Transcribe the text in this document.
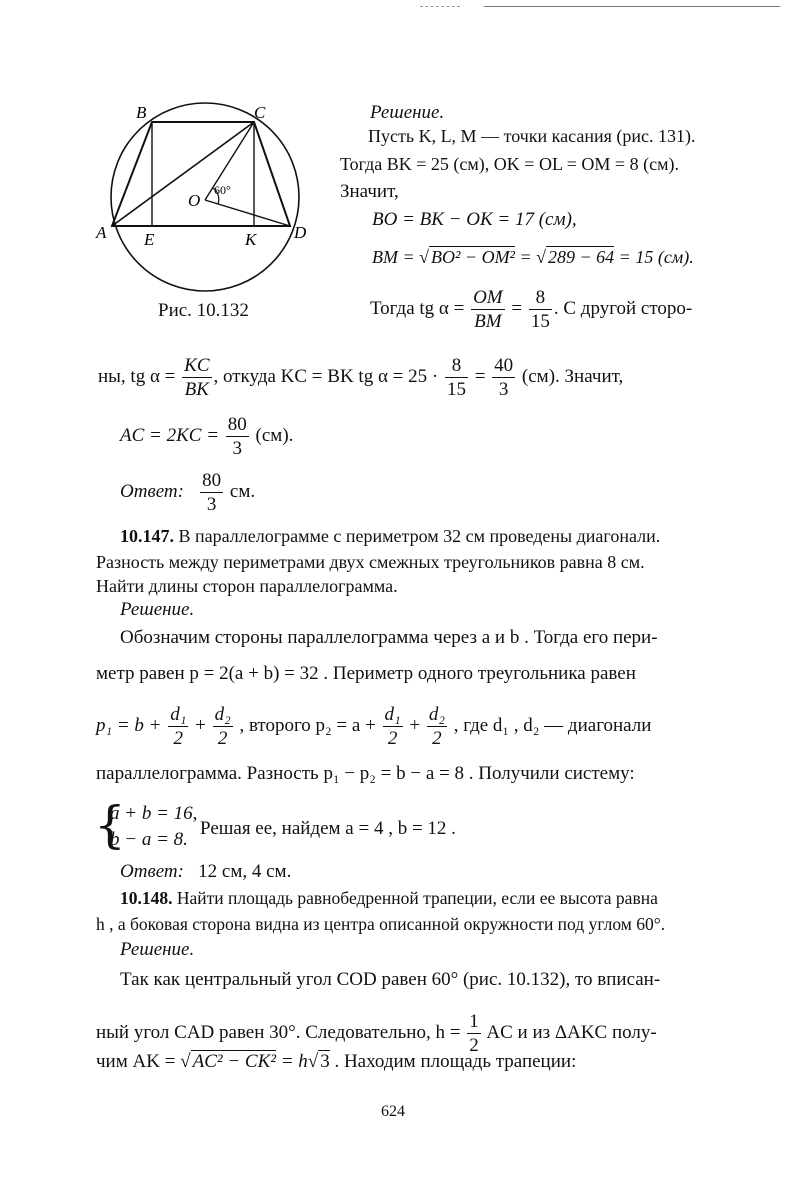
B	C
A	D
E	K
O
60°
Рис. 10.132
Решение.
Пусть K, L, M — точки касания (рис. 131).
Тогда BK = 25 (см), OK = OL = OM = 8 (см).
Значит,
BO = BK − OK = 17 (см),
BM = √ BO² − OM² = √ 289 − 64 = 15 (см).
Тогда tg $\alpha = \frac{OM}{BM} = \frac{8}{15}$ . С другой сторо-
ны, tg $\alpha = \frac{KC}{BK}$ , откуда KC = BK tg $\alpha = 25 \cdot \frac{8}{15} = \frac{40}{3} (см)$. Значит,
AC = $2KC = \frac{80}{3} (см)$.
Ответ: $\frac{80}{3}$ см.
10.147. В параллелограмме с периметром 32 см проведены диагонали.
Разность между периметрами двух смежных треугольников равна 8 см.
Найти длины сторон параллелограмма.
Решение.
Обозначим стороны параллелограмма через a и b . Тогда его пери-
метр равен p = 2(a + b) = 32 . Периметр одного треугольника равен
$p_1 = b + \frac{\text{d₁}}{2} + \frac{\text{d₂}}{2}$ , второго $p_2 = a + \frac{\text{d₁}}{2} + \frac{\text{d₂}}{2}$ , где d₁ , d₂ — диагонали
параллелограмма. Разность p₁ − p₂ = b − a = 8 . Получили систему:
{
a + b = 16,
b − a = 8.
Решая ее, найдем a = 4 , b = 12 .
Ответ: 12 см, 4 см.
10.148. Найти площадь равнобедренной трапеции, если ее высота равна
h , а боковая сторона видна из центра описанной окружности под углом 60°.
Решение.
Так как центральный угол COD равен 60° (рис. 10.132), то вписан-
ный угол CAD равен 30°. Следовательно, $h = \frac{1}{2}$ AC и из ΔAKC полу-
чим AK = √ AC² − CK² = h√ 3 . Находим площадь трапеции:
624
